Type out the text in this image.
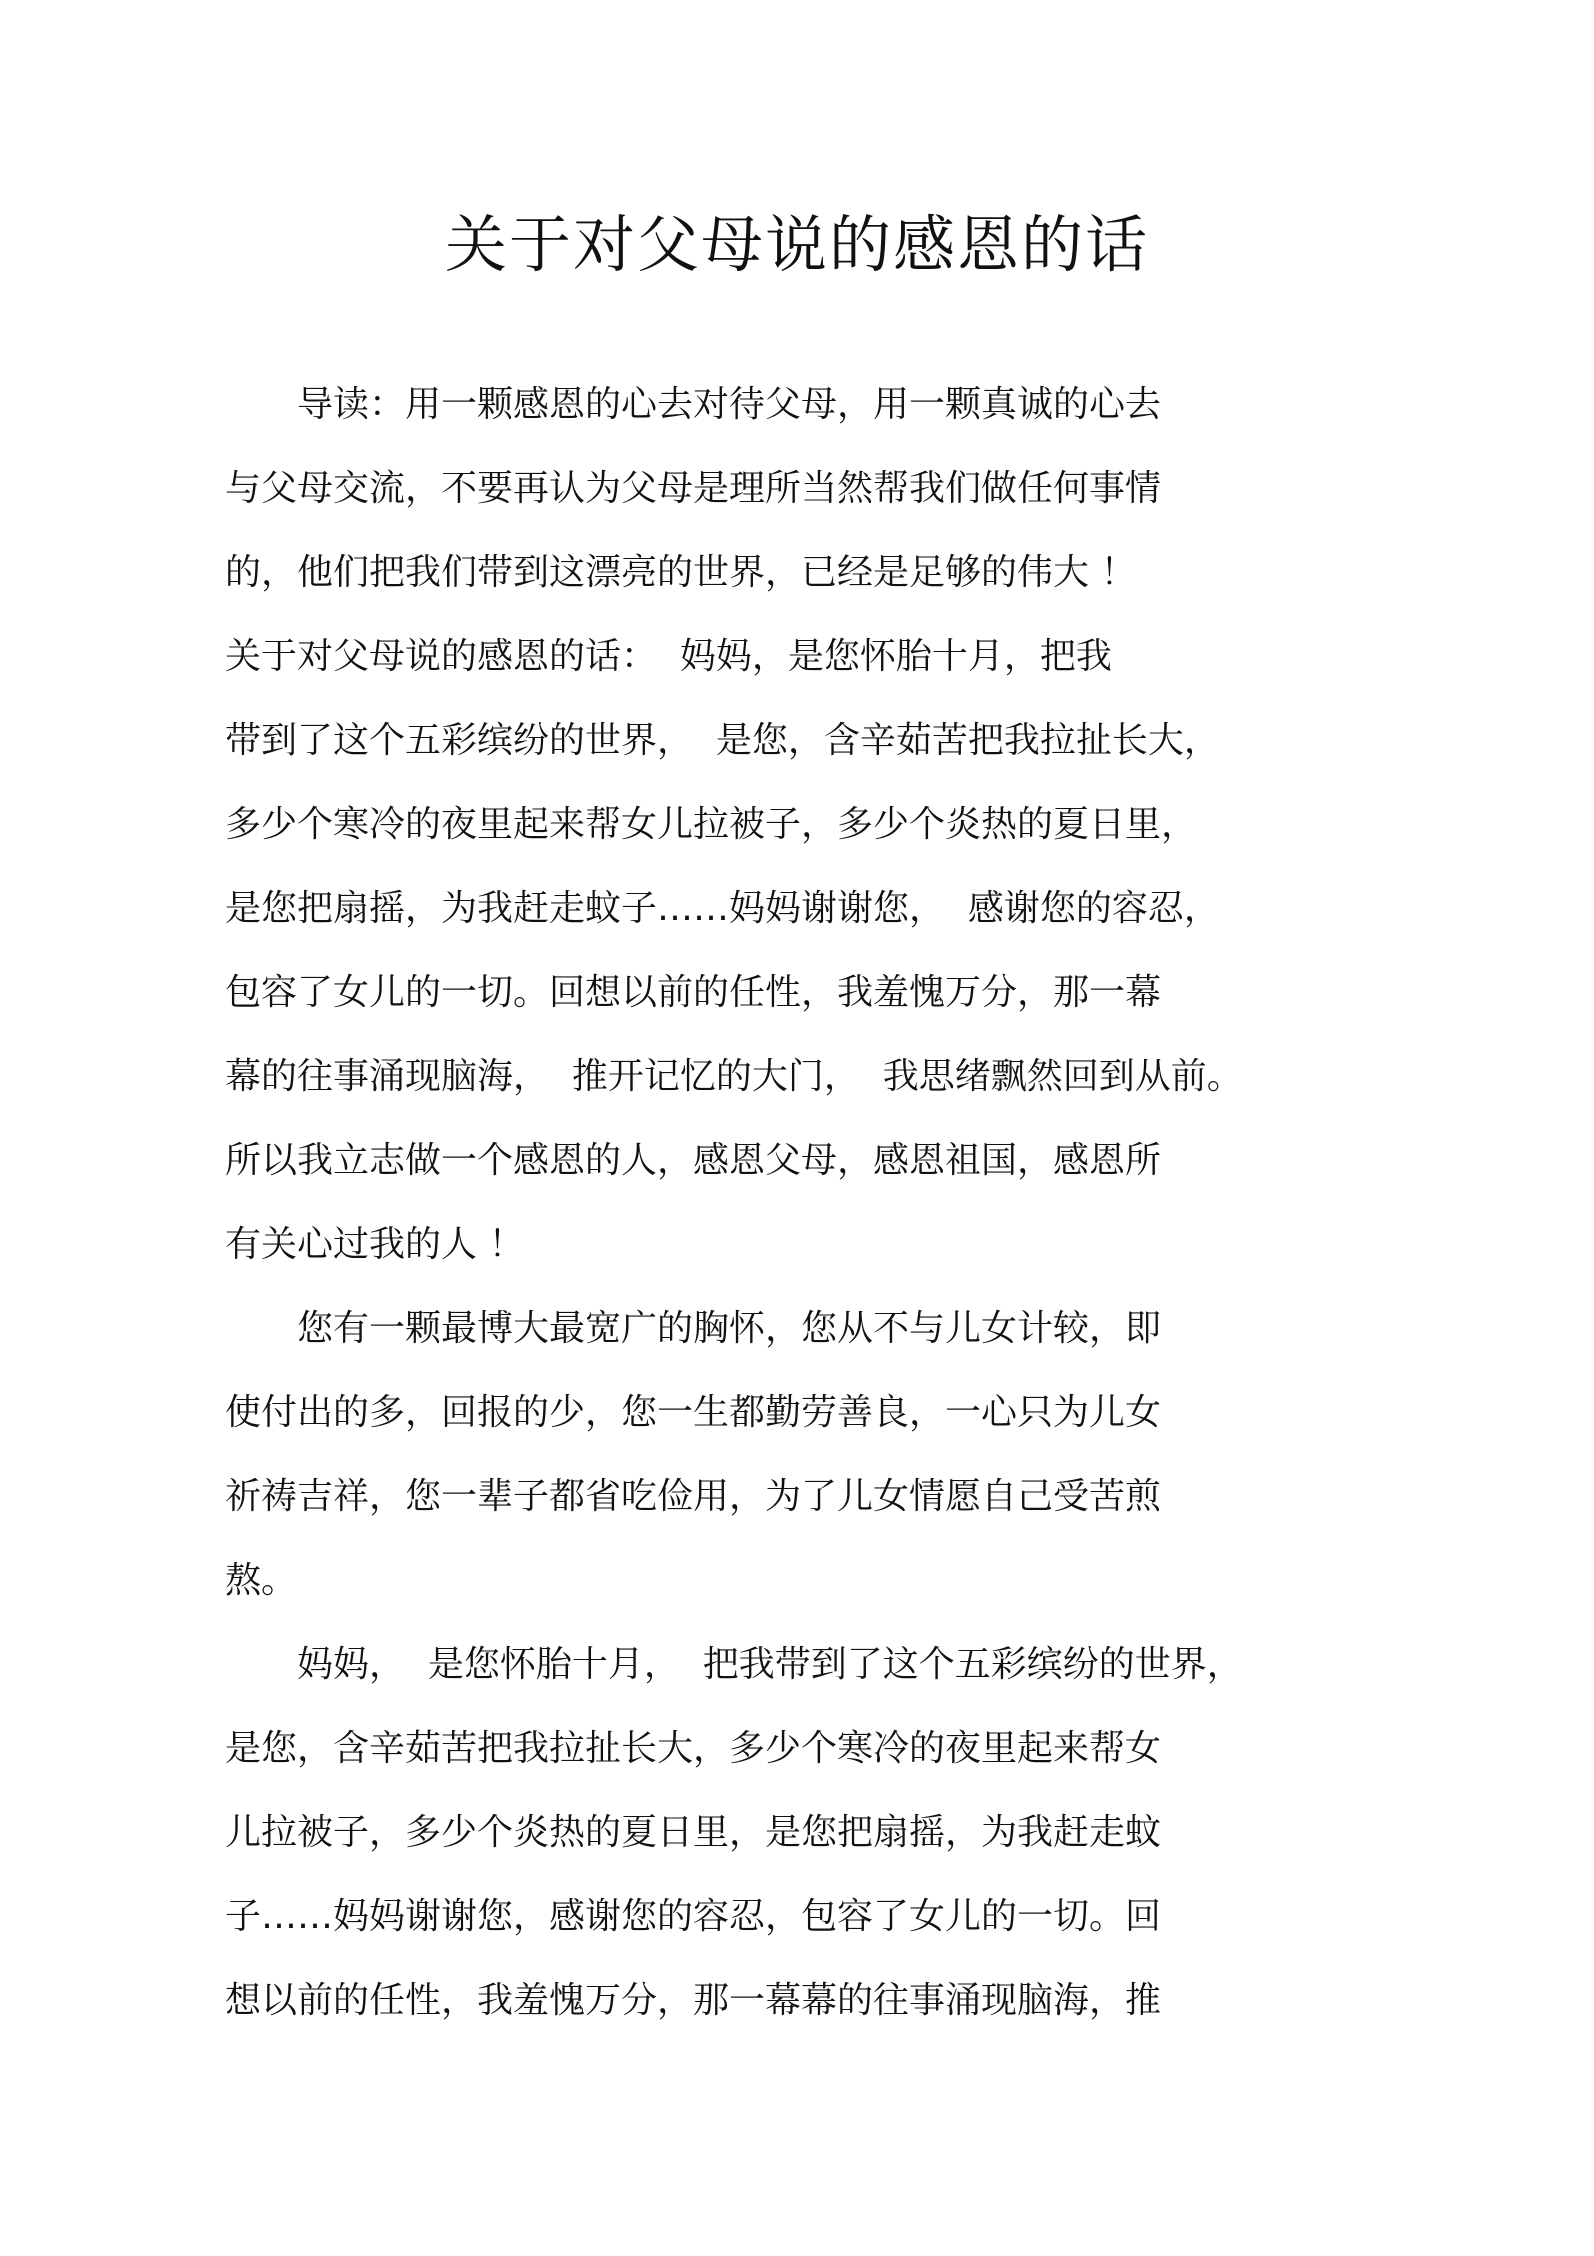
关于对父母说的感恩的话
　　导读：用一颗感恩的心去对待父母，用一颗真诚的心去
与父母交流，不要再认为父母是理所当然帮我们做任何事情
的，他们把我们带到这漂亮的世界，已经是足够的伟大 ！
关于对父母说的感恩的话：  妈妈，是您怀胎十月，把我
带到了这个五彩缤纷的世界，  是您，含辛茹苦把我拉扯长大，
多少个寒冷的夜里起来帮女儿拉被子，多少个炎热的夏日里，
是您把扇摇，为我赶走蚊子……妈妈谢谢您，  感谢您的容忍，
包容了女儿的一切。回想以前的任性，我羞愧万分，那一幕
幕的往事涌现脑海，  推开记忆的大门，  我思绪飘然回到从前。
所以我立志做一个感恩的人，感恩父母，感恩祖国，感恩所
有关心过我的人 ！
　　您有一颗最博大最宽广的胸怀，您从不与儿女计较，即
使付出的多，回报的少，您一生都勤劳善良，一心只为儿女
祈祷吉祥，您一辈子都省吃俭用，为了儿女情愿自己受苦煎
熬。
　　妈妈，  是您怀胎十月，  把我带到了这个五彩缤纷的世界，
是您，含辛茹苦把我拉扯长大，多少个寒冷的夜里起来帮女
儿拉被子，多少个炎热的夏日里，是您把扇摇，为我赶走蚊
子……妈妈谢谢您，感谢您的容忍，包容了女儿的一切。回
想以前的任性，我羞愧万分，那一幕幕的往事涌现脑海，推
